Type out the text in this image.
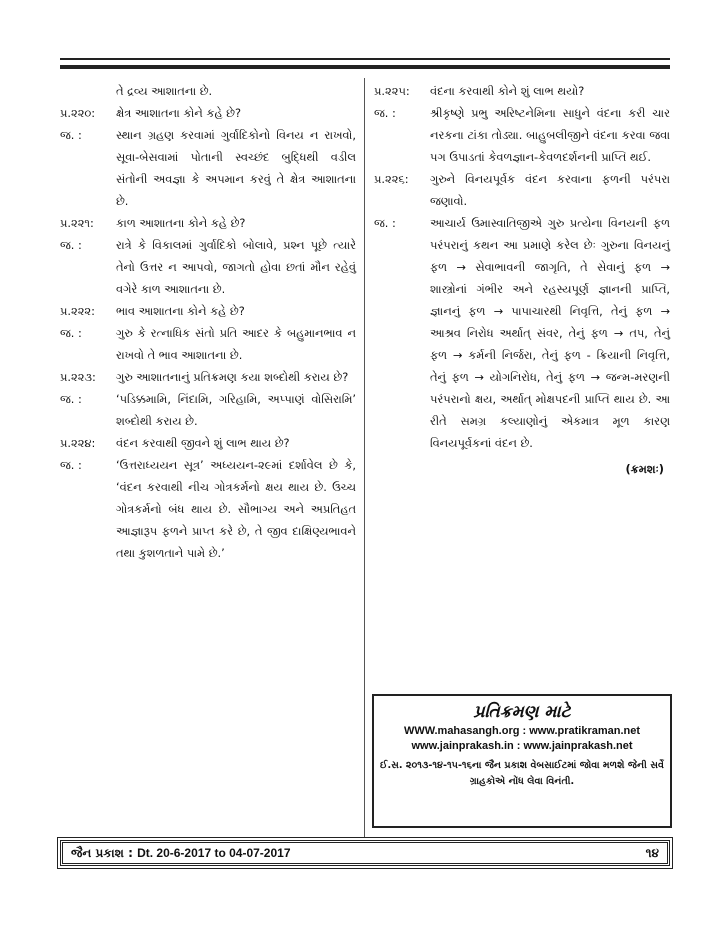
તે દ્રવ્ય આશાતના છે.
પ્ર.૨૨૦:	ક્ષેત્ર આશાતના કોને કહે છે?
જ. :	સ્થાન ગ્રહણ કરવામાં ગુર્વાદિકોનો વિનય ન રાખવો, સૂવા-બેસવામાં પોતાની સ્વચ્છંદ બુદ્ધિથી વડીલ સંતોની અવજ્ઞા કે અપમાન કરવું તે ક્ષેત્ર આશાતના છે.
પ્ર.૨૨૧:	કાળ આશાતના કોને કહે છે?
જ. :	રાત્રે કે વિકાલમાં ગુર્વાદિકો બોલાવે, પ્રશ્ન પૂછે ત્યારે તેનો ઉત્તર ન આપવો, જાગતો હોવા છતાં મૌન રહેવું વગેરે કાળ આશાતના છે.
પ્ર.૨૨૨:	ભાવ આશાતના કોને કહે છે?
જ. :	ગુરુ કે રત્નાધિક સંતો પ્રતિ આદર કે બહુમાનભાવ ન રાખવો તે ભાવ આશાતના છે.
પ્ર.૨૨૩:	ગુરુ આશાતનાનું પ્રતિક્રમણ કયા શબ્દોથી કરાય છે?
જ. :	‘પડિક્કમામિ, નિંદામિ, ગરિહામિ, અપ્પાણં વોસિરામિ’ શબ્દોથી કરાય છે.
પ્ર.૨૨૪:	વંદન કરવાથી જીવને શું લાભ થાય છે?
જ. :	‘ઉત્તરાધ્યયન સૂત્ર’ અધ્યયન-૨૯માં દર્શાવેલ છે કે, ‘વંદન કરવાથી નીચ ગોત્રકર્મનો ક્ષય થાય છે. ઉચ્ચ ગોત્રકર્મનો બંધ થાય છે. સૌભાગ્ય અને અપ્રતિહત આજ્ઞારૂપ ફળને પ્રાપ્ત કરે છે, તે જીવ દાક્ષિણ્યભાવને તથા કુશળતાને પામે છે.’
પ્ર.૨૨૫:	વંદના કરવાથી કોને શું લાભ થયો?
જ. :	શ્રીકૃષ્ણે પ્રભુ અરિષ્ટનેમિના સાધુને વંદના કરી ચાર નરકના ટાંકા તોડ્યા. બાહુબલીજીને વંદના કરવા જવા પગ ઉપાડતાં કેવળજ્ઞાન-કેવળદર્શનની પ્રાપ્તિ થઈ.
પ્ર.૨૨૬:	ગુરુને વિનયપૂર્વક વંદન કરવાના ફળની પરંપરા જણાવો.
જ. :	આચાર્ય ઉમાસ્વાતિજીએ ગુરુ પ્રત્યેના વિનયની ફળ પરંપરાનું કથન આ પ્રમાણે કરેલ છેઃ ગુરુના વિનયનું ફળ → સેવાભાવની જાગૃતિ, તે સેવાનું ફળ → શાસ્ત્રોનાં ગંભીર અને રહસ્યપૂર્ણ જ્ઞાનની પ્રાપ્તિ, જ્ઞાનનું ફળ → પાપાચારથી નિવૃત્તિ, તેનું ફળ → આશ્રવ નિરોધ અર્થાત્ સંવર, તેનું ફળ → તપ, તેનું ફળ → કર્મની નિર્જરા, તેનું ફળ - ક્રિયાની નિવૃત્તિ, તેનું ફળ → યોગનિરોધ, તેનું ફળ → જન્મ-મરણની પરંપરાનો ક્ષય, અર્થાત્ મોક્ષપદની પ્રાપ્તિ થાય છે. આ રીતે સમગ્ર કલ્યાણોનું એકમાત્ર મૂળ કારણ વિનયપૂર્વકનાં વંદન છે.
(ક્રમશઃ)
પ્રતિક્રમણ માટે
WWW.mahasangh.org : www.pratikraman.net
www.jainprakash.in : www.jainprakash.net
ઈ.સ. ૨૦૧૩-૧૪-૧૫-૧૬ના જૈન પ્રકાશ વેબસાઈટમાં જોવા મળશે જેની સર્વે ગ્રાહકોએ નોંધ લેવા વિનંતી.
જૈન પ્રકાશ : Dt. 20-6-2017 to 04-07-2017	૧૪
